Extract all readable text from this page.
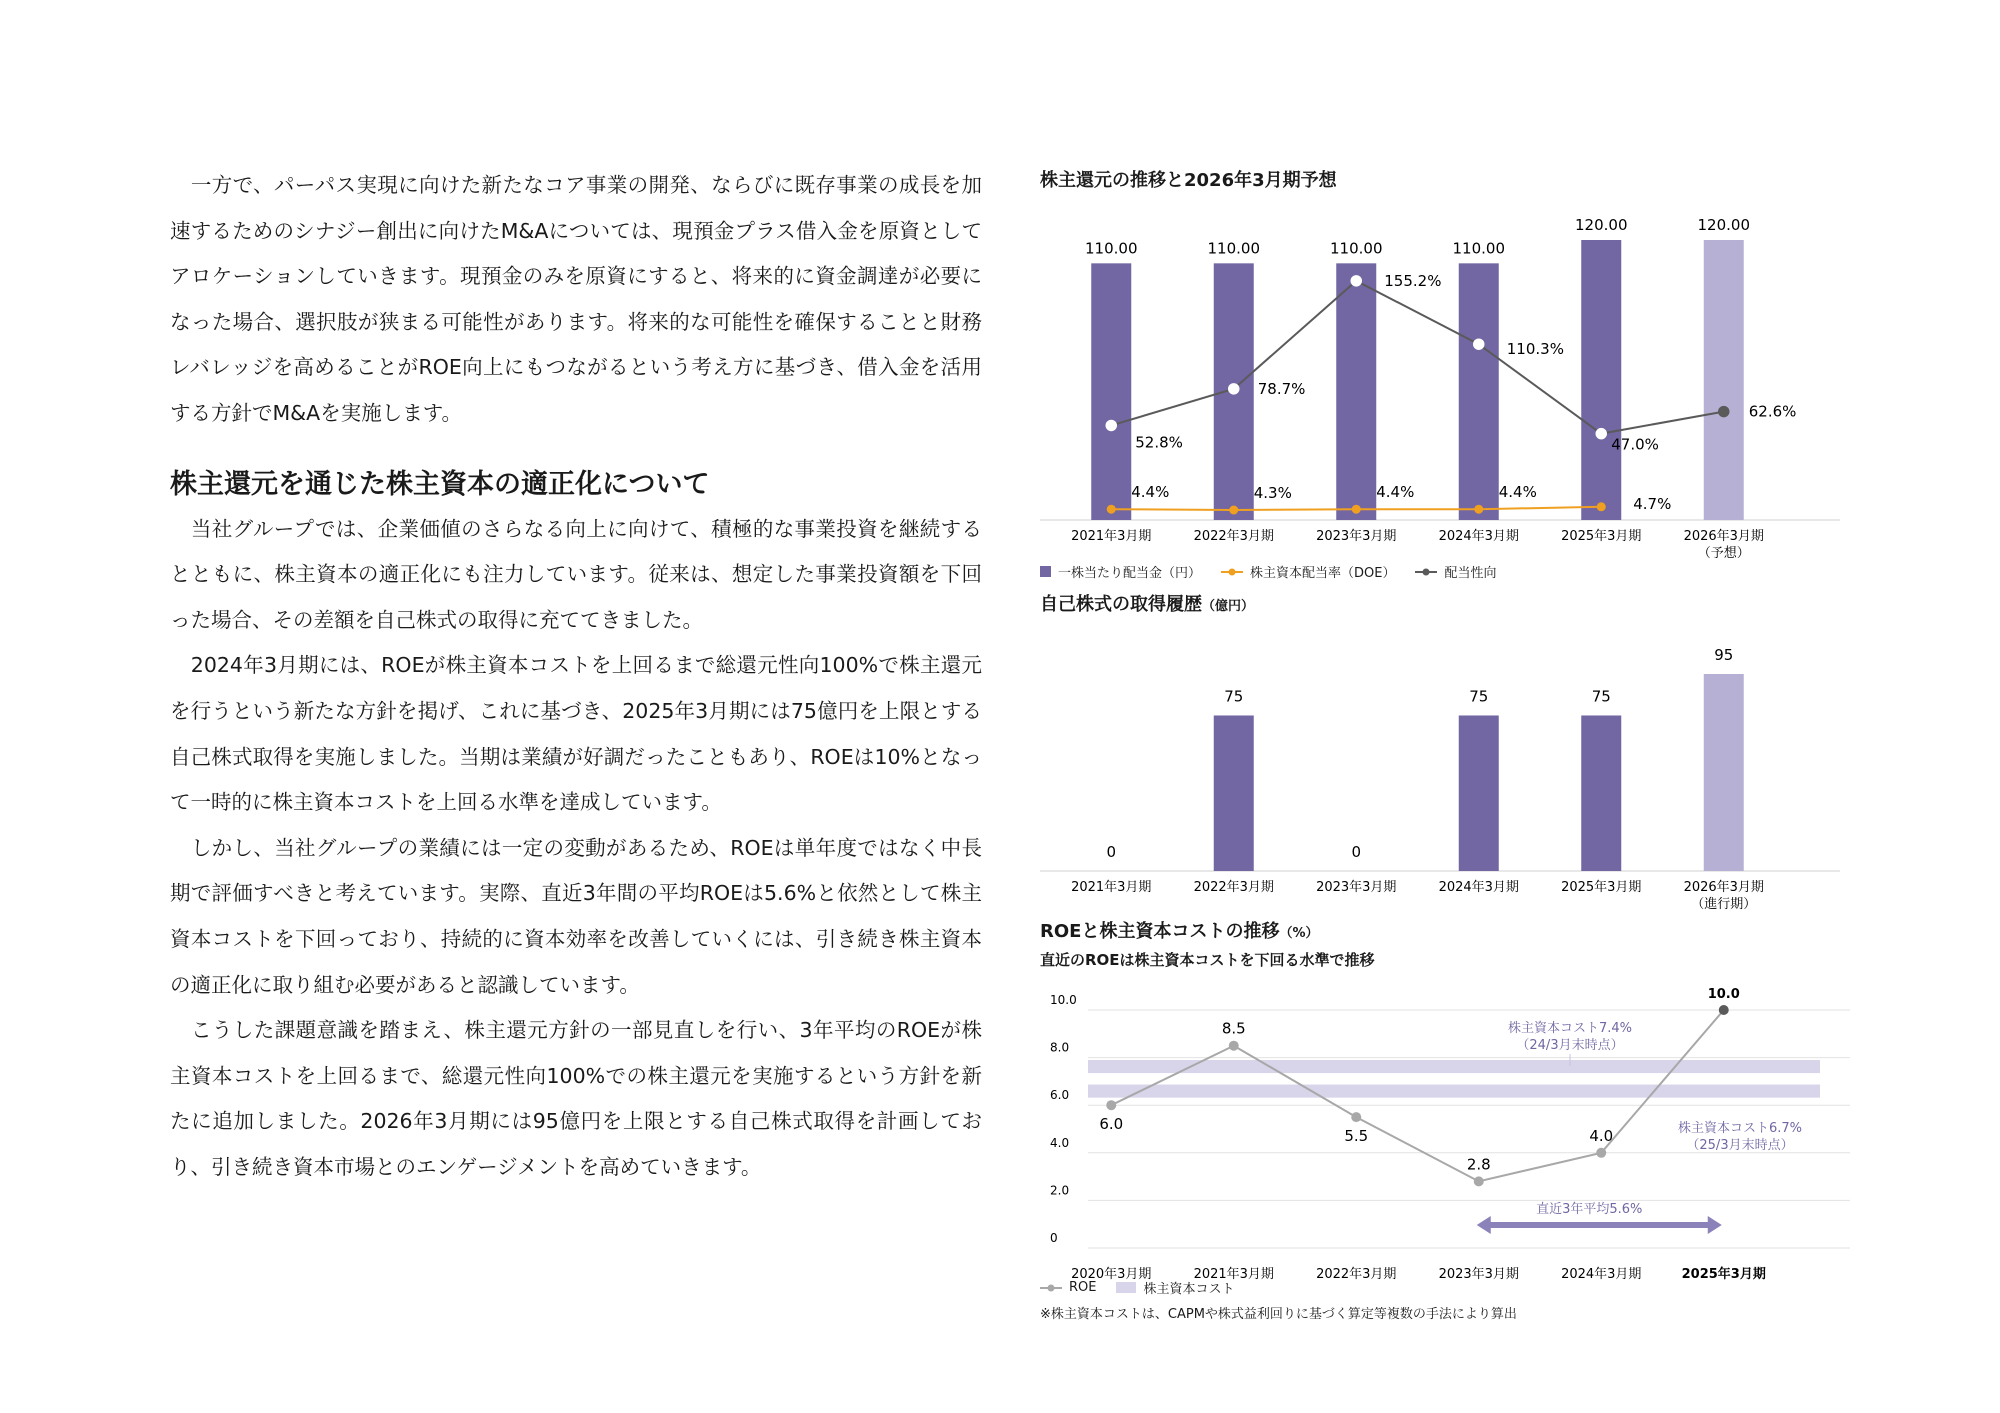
　一方で、パーパス実現に向けた新たなコア事業の開発、ならびに既存事業の成長を加速するためのシナジー創出に向けたM&Aについては、現預金プラス借入金を原資としてアロケーションしていきます。現預金のみを原資にすると、将来的に資金調達が必要になった場合、選択肢が狭まる可能性があります。将来的な可能性を確保することと財務レバレッジを高めることがROE向上にもつながるという考え方に基づき、借入金を活用する方針でM&Aを実施します。

株主還元を通じた株主資本の適正化について

　当社グループでは、企業価値のさらなる向上に向けて、積極的な事業投資を継続するとともに、株主資本の適正化にも注力しています。従来は、想定した事業投資額を下回った場合、その差額を自己株式の取得に充ててきました。

　2024年3月期には、ROEが株主資本コストを上回るまで総還元性向100%で株主還元を行うという新たな方針を掲げ、これに基づき、2025年3月期には75億円を上限とする自己株式取得を実施しました。当期は業績が好調だったこともあり、ROEは10%となって一時的に株主資本コストを上回る水準を達成しています。

　しかし、当社グループの業績には一定の変動があるため、ROEは単年度ではなく中長期で評価すべきと考えています。実際、直近3年間の平均ROEは5.6%と依然として株主資本コストを下回っており、持続的に資本効率を改善していくには、引き続き株主資本の適正化に取り組む必要があると認識しています。

　こうした課題意識を踏まえ、株主還元方針の一部見直しを行い、3年平均のROEが株主資本コストを上回るまで、総還元性向100%での株主還元を実施するという方針を新たに追加しました。2026年3月期には95億円を上限とする自己株式取得を計画しており、引き続き資本市場とのエンゲージメントを高めていきます。

株主還元の推移と2026年3月期予想
110.00
2021年3月期
110.00
2022年3月期
110.00
2023年3月期
110.00
2024年3月期
120.00
2025年3月期
120.00
2026年3月期
（予想）
4.4%	4.3%	4.4%	4.4%
4.7%
52.8%
78.7%
155.2%
110.3%
47.0%
62.6%
一株当たり配当金（円）	株主資本配当率（DOE）	配当性向
自己株式の取得履歴（億円）
0
2021年3月期
75
2022年3月期
0
2023年3月期
75
2024年3月期
75
2025年3月期
95
2026年3月期
（進行期）
ROEと株主資本コストの推移（%）
直近のROEは株主資本コストを下回る水準で推移
0
2.0
4.0
6.0
8.0
10.0
6.0
2020年3月期
8.5
2021年3月期
5.5
2022年3月期
2.8
2023年3月期
4.0
2024年3月期
10.0
2025年3月期
株主資本コスト7.4%
（24/3月末時点）
株主資本コスト6.7%
（25/3月末時点）
直近3年平均5.6%
ROE	株主資本コスト
※株主資本コストは、CAPMや株式益利回りに基づく算定等複数の手法により算出
